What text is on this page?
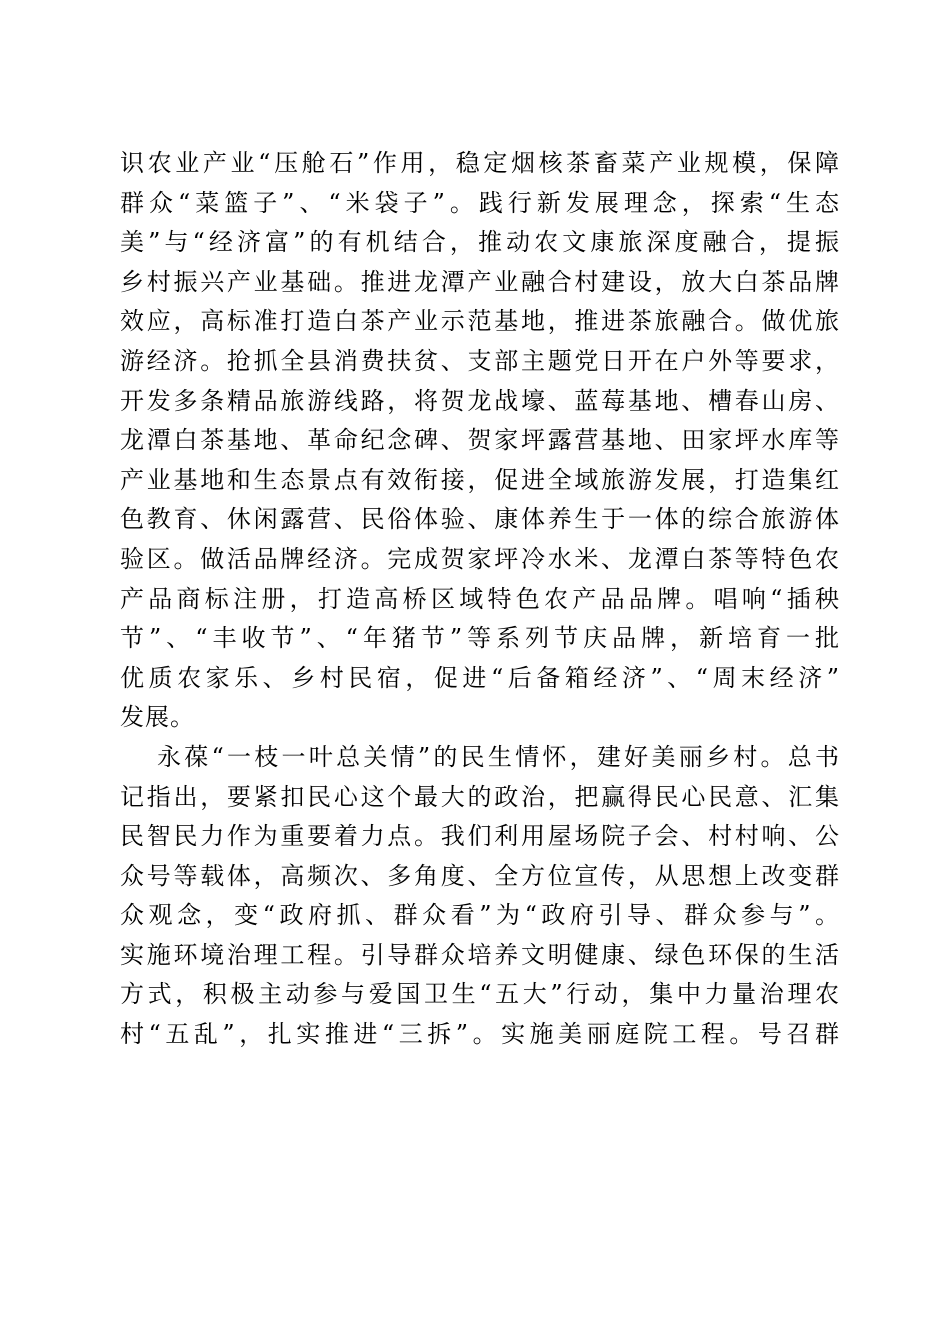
识农业产业“压舱石”作用，稳定烟核茶畜菜产业规模，保障
群众“菜篮子”、“米袋子”。践行新发展理念，探索“生态
美”与“经济富”的有机结合，推动农文康旅深度融合，提振
乡村振兴产业基础。推进龙潭产业融合村建设，放大白茶品牌
效应，高标准打造白茶产业示范基地，推进茶旅融合。做优旅
游经济。抢抓全县消费扶贫、支部主题党日开在户外等要求，
开发多条精品旅游线路，将贺龙战壕、蓝莓基地、槽春山房、
龙潭白茶基地、革命纪念碑、贺家坪露营基地、田家坪水库等
产业基地和生态景点有效衔接，促进全域旅游发展，打造集红
色教育、休闲露营、民俗体验、康体养生于一体的综合旅游体
验区。做活品牌经济。完成贺家坪冷水米、龙潭白茶等特色农
产品商标注册，打造高桥区域特色农产品品牌。唱响“插秧
节”、“丰收节”、“年猪节”等系列节庆品牌，新培育一批
优质农家乐、乡村民宿，促进“后备箱经济”、“周末经济”
发展。
永葆“一枝一叶总关情”的民生情怀，建好美丽乡村。总书
记指出，要紧扣民心这个最大的政治，把赢得民心民意、汇集
民智民力作为重要着力点。我们利用屋场院子会、村村响、公
众号等载体，高频次、多角度、全方位宣传，从思想上改变群
众观念，变“政府抓、群众看”为“政府引导、群众参与”。
实施环境治理工程。引导群众培养文明健康、绿色环保的生活
方式，积极主动参与爱国卫生“五大”行动，集中力量治理农
村“五乱”，扎实推进“三拆”。实施美丽庭院工程。号召群
